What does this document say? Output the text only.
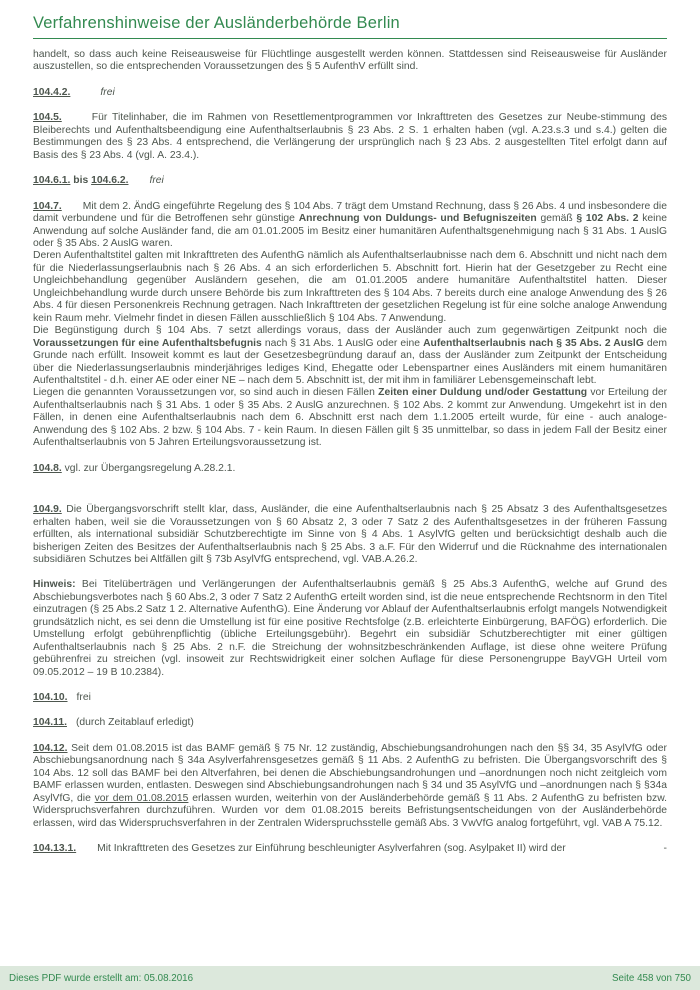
Verfahrenshinweise der Ausländerbehörde Berlin

handelt, so dass auch keine Reiseausweise für Flüchtlinge ausgestellt werden können. Stattdessen sind Reiseausweise für Ausländer auszustellen, so die entsprechenden Voraussetzungen des § 5 AufenthV erfüllt sind.

104.4.2.	frei

104.5.	Für Titelinhaber, die im Rahmen von Resettlementprogrammen vor Inkrafttreten des Gesetzes zur Neube-stimmung des Bleiberechts und Aufenthaltsbeendigung eine Aufenthaltserlaubnis § 23 Abs. 2 S. 1 erhalten haben (vgl. A.23.s.3 und s.4.) gelten die Bestimmungen des § 23 Abs. 4 entsprechend, die Verlängerung der ursprünglich nach § 23 Abs. 2 ausgestellten Titel erfolgt dann auf Basis des § 23 Abs. 4 (vgl. A. 23.4.).

104.6.1. bis 104.6.2. frei

104.7. Mit dem 2. ÄndG eingeführte Regelung des § 104 Abs. 7 trägt dem Umstand Rechnung, dass § 26 Abs. 4 und insbesondere die damit verbundene und für die Betroffenen sehr günstige Anrechnung von Duldungs- und Befugniszeiten gemäß § 102 Abs. 2 keine Anwendung auf solche Ausländer fand, die am 01.01.2005 im Besitz einer humanitären Aufenthaltsgenehmigung nach § 31 Abs. 1 AuslG oder § 35 Abs. 2 AuslG waren.

Deren Aufenthaltstitel galten mit Inkrafttreten des AufenthG nämlich als Aufenthaltserlaubnisse nach dem 6. Abschnitt und nicht nach dem für die Niederlassungserlaubnis nach § 26 Abs. 4 an sich erforderlichen 5. Abschnitt fort. Hierin hat der Gesetzgeber zu Recht eine Ungleichbehandlung gegenüber Ausländern gesehen, die am 01.01.2005 andere humanitäre Aufenthaltstitel hatten. Dieser Ungleichbehandlung wurde durch unsere Behörde bis zum Inkrafttreten des § 104 Abs. 7 bereits durch eine analoge Anwendung des § 26 Abs. 4 für diesen Personenkreis Rechnung getragen. Nach Inkrafttreten der gesetzlichen Regelung ist für eine solche analoge Anwendung kein Raum mehr. Vielmehr findet in diesen Fällen ausschließlich § 104 Abs. 7 Anwendung.

Die Begünstigung durch § 104 Abs. 7 setzt allerdings voraus, dass der Ausländer auch zum gegenwärtigen Zeitpunkt noch die Voraussetzungen für eine Aufenthaltsbefugnis nach § 31 Abs. 1 AuslG oder eine Aufenthaltserlaubnis nach § 35 Abs. 2 AuslG dem Grunde nach erfüllt. Insoweit kommt es laut der Gesetzesbegründung darauf an, dass der Ausländer zum Zeitpunkt der Entscheidung über die Niederlassungserlaubnis minderjähriges lediges Kind, Ehegatte oder Lebenspartner eines Ausländers mit einem humanitären Aufenthaltstitel - d.h. einer AE oder einer NE – nach dem 5. Abschnitt ist, der mit ihm in familiärer Lebensgemeinschaft lebt.

Liegen die genannten Voraussetzungen vor, so sind auch in diesen Fällen Zeiten einer Duldung und/oder Gestattung vor Erteilung der Aufenthaltserlaubnis nach § 31 Abs. 1 oder § 35 Abs. 2 AuslG anzurechnen. § 102 Abs. 2 kommt zur Anwendung. Umgekehrt ist in den Fällen, in denen eine Aufenthaltserlaubnis nach dem 6. Abschnitt erst nach dem 1.1.2005 erteilt wurde, für eine - auch analoge- Anwendung des § 102 Abs. 2 bzw. § 104 Abs. 7 - kein Raum. In diesen Fällen gilt § 35 unmittelbar, so dass in jedem Fall der Besitz einer Aufenthaltserlaubnis von 5 Jahren Erteilungsvoraussetzung ist.

104.8. vgl. zur Übergangsregelung A.28.2.1.

104.9. Die Übergangsvorschrift stellt klar, dass, Ausländer, die eine Aufenthaltserlaubnis nach § 25 Absatz 3 des Aufenthaltsgesetzes erhalten haben, weil sie die Voraussetzungen von § 60 Absatz 2, 3 oder 7 Satz 2 des Aufenthaltsgesetzes in der früheren Fassung erfüllten, als international subsidiär Schutzberechtigte im Sinne von § 4 Abs. 1 AsylVfG gelten und berücksichtigt deshalb auch die bisherigen Zeiten des Besitzes der Aufenthaltserlaubnis nach § 25 Abs. 3 a.F. Für den Widerruf und die Rücknahme des internationalen subsidiären Schutzes bei Altfällen gilt § 73b AsylVfG entsprechend, vgl. VAB.A.26.2.

Hinweis: Bei Titelüberträgen und Verlängerungen der Aufenthaltserlaubnis gemäß § 25 Abs.3 AufenthG, welche auf Grund des Abschiebungsverbotes nach § 60 Abs.2, 3 oder 7 Satz 2 AufenthG erteilt worden sind, ist die neue entsprechende Rechtsnorm in den Titel einzutragen (§ 25 Abs.2 Satz 1 2. Alternative AufenthG). Eine Änderung vor Ablauf der Aufenthaltserlaubnis erfolgt mangels Notwendigkeit grundsätzlich nicht, es sei denn die Umstellung ist für eine positive Rechtsfolge (z.B. erleichterte Einbürgerung, BAFÖG) erforderlich. Die Umstellung erfolgt gebührenpflichtig (übliche Erteilungsgebühr). Begehrt ein subsidiär Schutzberechtigter mit einer gültigen Aufenthaltserlaubnis nach § 25 Abs. 2 n.F. die Streichung der wohnsitzbeschränkenden Auflage, ist diese ohne weitere Prüfung gebührenfrei zu streichen (vgl. insoweit zur Rechtswidrigkeit einer solchen Auflage für diese Personengruppe BayVGH Urteil vom 09.05.2012 – 19 B 10.2384).

104.10. frei

104.11. (durch Zeitablauf erledigt)

104.12. Seit dem 01.08.2015 ist das BAMF gemäß § 75 Nr. 12 zuständig, Abschiebungsandrohungen nach den §§ 34, 35 AsylVfG oder Abschiebungsanordnung nach § 34a Asylverfahrensgesetzes gemäß § 11 Abs. 2 AufenthG zu befristen. Die Übergangsvorschrift des § 104 Abs. 12 soll das BAMF bei den Altverfahren, bei denen die Abschiebungsandrohungen und –anordnungen noch nicht zeitgleich vom BAMF erlassen wurden, entlasten. Deswegen sind Abschiebungsandrohungen nach § 34 und 35 AsylVfG und –anordnungen nach § §34a AsylVfG, die vor dem 01.08.2015 erlassen wurden, weiterhin von der Ausländerbehörde gemäß § 11 Abs. 2 AufenthG zu befristen bzw. Widerspruchsverfahren durchzuführen. Wurden vor dem 01.08.2015 bereits Befristungsentscheidungen von der Ausländerbehörde erlassen, wird das Widerspruchsverfahren in der Zentralen Widerspruchsstelle gemäß Abs. 3 VwVfG analog fortgeführt, vgl. VAB A 75.12.

104.13.1. Mit Inkrafttreten des Gesetzes zur Einführung beschleunigter Asylverfahren (sog. Asylpaket II) wird der	-

Dieses PDF wurde erstellt am: 05.08.2016	Seite 458 von 750
